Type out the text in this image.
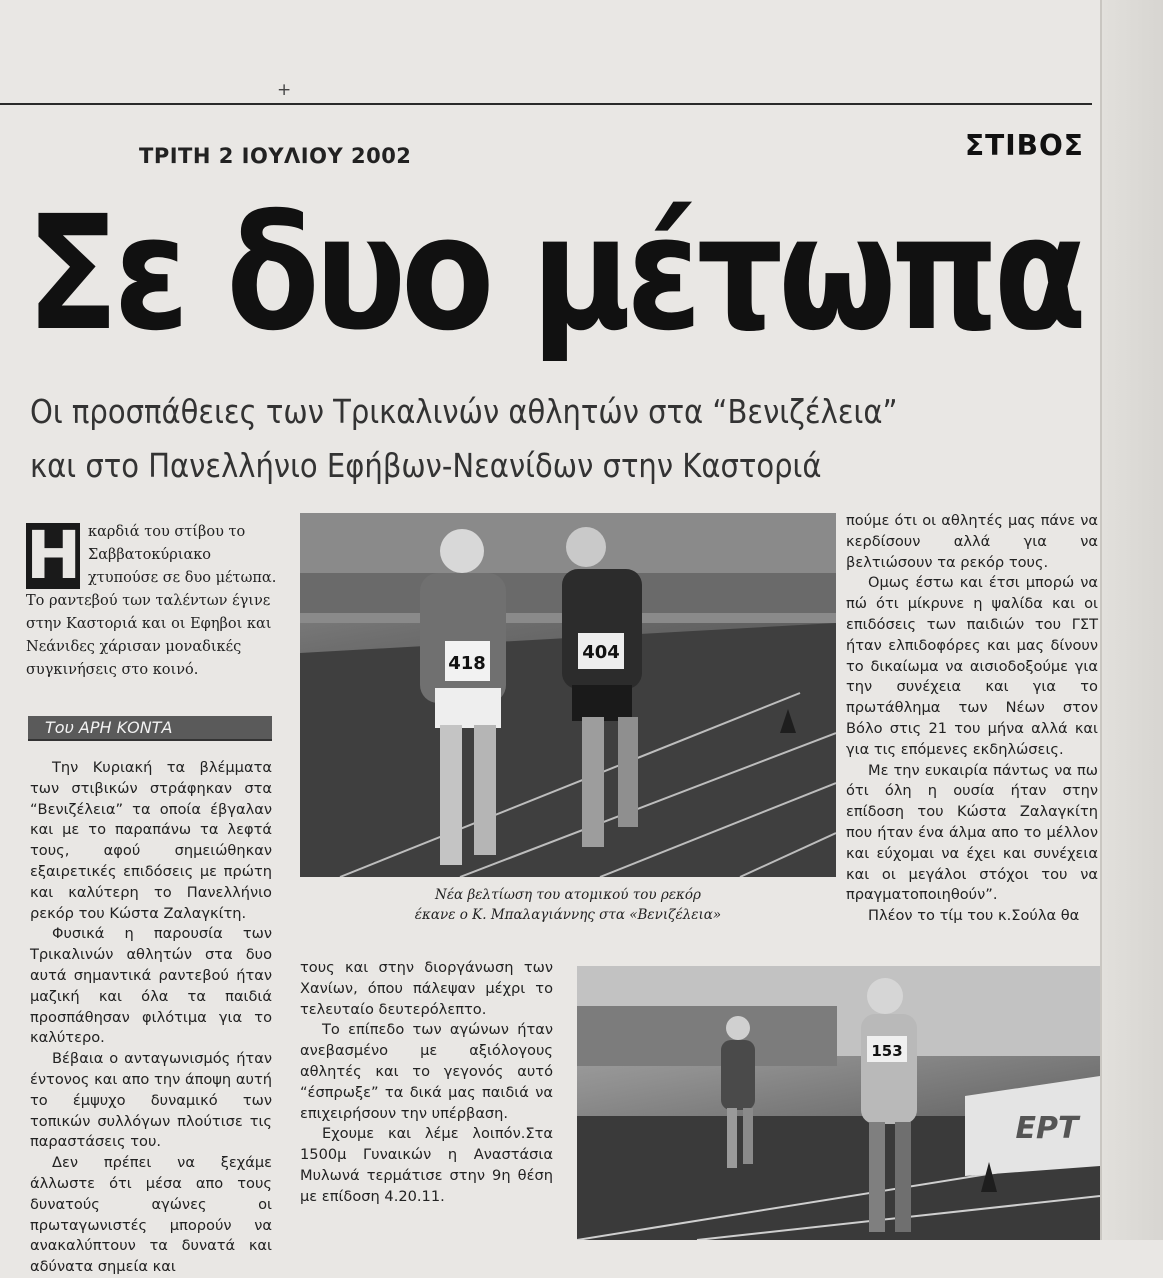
+
ΤΡΙΤΗ 2 ΙΟΥΛΙΟΥ 2002	ΣΤΙΒΟΣ
Σε δυο μέτωπα
Οι προσπάθειες των Τρικαλινών αθλητών στα “Βενιζέλεια”
και στο Πανελλήνιο Εφήβων-Νεανίδων στην Καστοριά
Η καρδιά του στίβου το Σαββατοκύριακο χτυπούσε σε δυο μέτωπα. Το ραντεβού των ταλέντων έγινε στην Καστοριά και οι Εφηβοι και Νεάνιδες χάρισαν μοναδικές συγκινήσεις στο κοινό.
Του ΑΡΗ ΚΟΝΤΑ

Την Κυριακή τα βλέμματα των στιβικών στράφηκαν στα “Βενιζέλεια” τα οποία έβγαλαν και με το παραπάνω τα λεφτά τους, αφού σημειώθηκαν εξαιρετικές επιδόσεις με πρώτη και καλύτερη το Πανελλήνιο ρεκόρ του Κώστα Ζαλαγκίτη.

Φυσικά η παρουσία των Τρικαλινών αθλητών στα δυο αυτά σημαντικά ραντεβού ήταν μαζική και όλα τα παιδιά προσπάθησαν φιλότιμα για το καλύτερο.

Βέβαια ο ανταγωνισμός ήταν έντονος και απο την άποψη αυτή το έμψυχο δυναμικό των τοπικών συλλόγων πλούτισε τις παραστάσεις του.

Δεν πρέπει να ξεχάμε άλλωστε ότι μέσα απο τους δυνατούς αγώνες οι πρωταγωνιστές μπορούν να ανακαλύπτουν τα δυνατά και αδύνατα σημεία και

418
404
Νέα βελτίωση του ατομικού του ρεκόρ
έκανε ο Κ. Μπαλαγιάννης στα «Βενιζέλεια»

τους και στην διοργάνωση των Χανίων, όπου πάλεψαν μέχρι το τελευταίο δευτερόλεπτο.

Το επίπεδο των αγώνων ήταν ανεβασμένο με αξιόλογους αθλητές και το γεγονός αυτό “έσπρωξε” τα δικά μας παιδιά να επιχειρήσουν την υπέρβαση.

Εχουμε και λέμε λοιπόν.Στα 1500μ Γυναικών η Αναστάσια Μυλωνά τερμάτισε στην 9η θέση με επίδοση 4.20.11.

πούμε ότι οι αθλητές μας πάνε να κερδίσουν αλλά για να βελτιώσουν τα ρεκόρ τους.

Ομως έστω και έτσι μπορώ να πώ ότι μίκρυνε η ψαλίδα και οι επιδόσεις των παιδιών του ΓΣΤ ήταν ελπιδοφόρες και μας δίνουν το δικαίωμα να αισιοδοξούμε για την συνέχεια και για το πρωτάθλημα των Νέων στον Βόλο στις 21 του μήνα αλλά και για τις επόμενες εκδηλώσεις.

Με την ευκαιρία πάντως να πω ότι όλη η ουσία ήταν στην επίδοση του Κώστα Ζαλαγκίτη που ήταν ένα άλμα απο το μέλλον και εύχομαι να έχει και συνέχεια και οι μεγάλοι στόχοι του να πραγματοποιηθούν”.

Πλέον το τίμ του κ.Σούλα θα

153
ΕΡΤ
